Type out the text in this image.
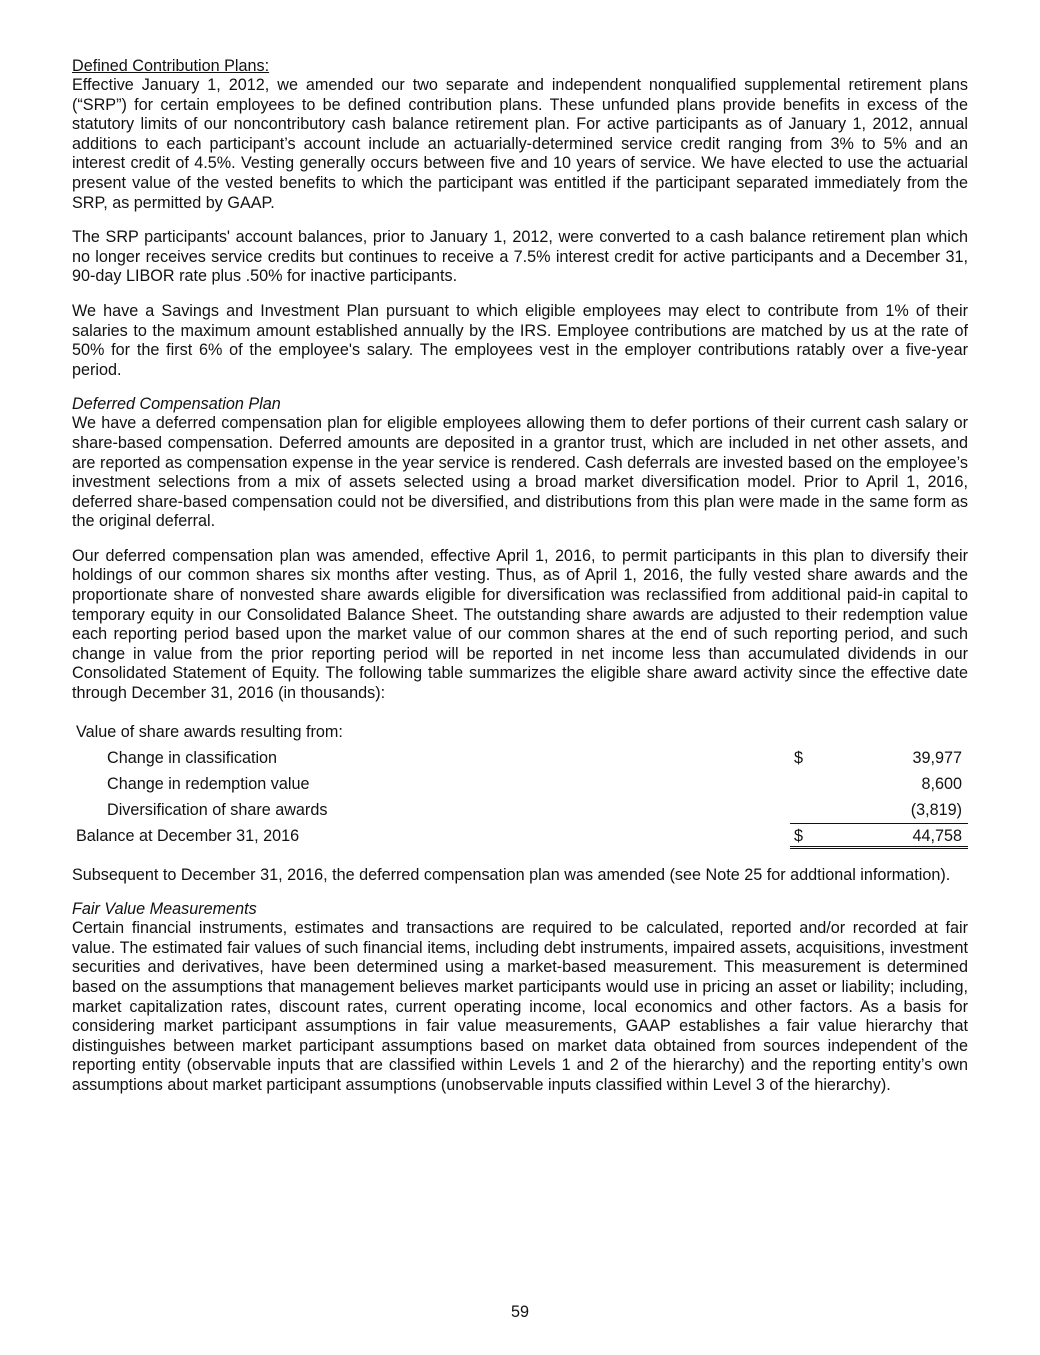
Defined Contribution Plans:

Effective January 1, 2012, we amended our two separate and independent nonqualified supplemental retirement plans (“SRP”) for certain employees to be defined contribution plans. These unfunded plans provide benefits in excess of the statutory limits of our noncontributory cash balance retirement plan. For active participants as of January 1, 2012, annual additions to each participant’s account include an actuarially-determined service credit ranging from 3% to 5% and an interest credit of 4.5%. Vesting generally occurs between five and 10 years of service. We have elected to use the actuarial present value of the vested benefits to which the participant was entitled if the participant separated immediately from the SRP, as permitted by GAAP.

The SRP participants' account balances, prior to January 1, 2012, were converted to a cash balance retirement plan which no longer receives service credits but continues to receive a 7.5% interest credit for active participants and a December 31, 90-day LIBOR rate plus .50% for inactive participants.

We have a Savings and Investment Plan pursuant to which eligible employees may elect to contribute from 1% of their salaries to the maximum amount established annually by the IRS. Employee contributions are matched by us at the rate of 50% for the first 6% of the employee's salary. The employees vest in the employer contributions ratably over a five-year period.

Deferred Compensation Plan

We have a deferred compensation plan for eligible employees allowing them to defer portions of their current cash salary or share-based compensation. Deferred amounts are deposited in a grantor trust, which are included in net other assets, and are reported as compensation expense in the year service is rendered. Cash deferrals are invested based on the employee’s investment selections from a mix of assets selected using a broad market diversification model. Prior to April 1, 2016, deferred share-based compensation could not be diversified, and distributions from this plan were made in the same form as the original deferral.

Our deferred compensation plan was amended, effective April 1, 2016, to permit participants in this plan to diversify their holdings of our common shares six months after vesting. Thus, as of April 1, 2016, the fully vested share awards and the proportionate share of nonvested share awards eligible for diversification was reclassified from additional paid-in capital to temporary equity in our Consolidated Balance Sheet. The outstanding share awards are adjusted to their redemption value each reporting period based upon the market value of our common shares at the end of such reporting period, and such change in value from the prior reporting period will be reported in net income less than accumulated dividends in our Consolidated Statement of Equity. The following table summarizes the eligible share award activity since the effective date through December 31, 2016 (in thousands):

Value of share awards resulting from:
Change in classification	$	39,977
Change in redemption value	8,600
Diversification of share awards	(3,819)
Balance at December 31, 2016	$	44,758

Subsequent to December 31, 2016, the deferred compensation plan was amended (see Note 25 for addtional information).

Fair Value Measurements

Certain financial instruments, estimates and transactions are required to be calculated, reported and/or recorded at fair value. The estimated fair values of such financial items, including debt instruments, impaired assets, acquisitions, investment securities and derivatives, have been determined using a market-based measurement. This measurement is determined based on the assumptions that management believes market participants would use in pricing an asset or liability; including, market capitalization rates, discount rates, current operating income, local economics and other factors. As a basis for considering market participant assumptions in fair value measurements, GAAP establishes a fair value hierarchy that distinguishes between market participant assumptions based on market data obtained from sources independent of the reporting entity (observable inputs that are classified within Levels 1 and 2 of the hierarchy) and the reporting entity’s own assumptions about market participant assumptions (unobservable inputs classified within Level 3 of the hierarchy).

59
